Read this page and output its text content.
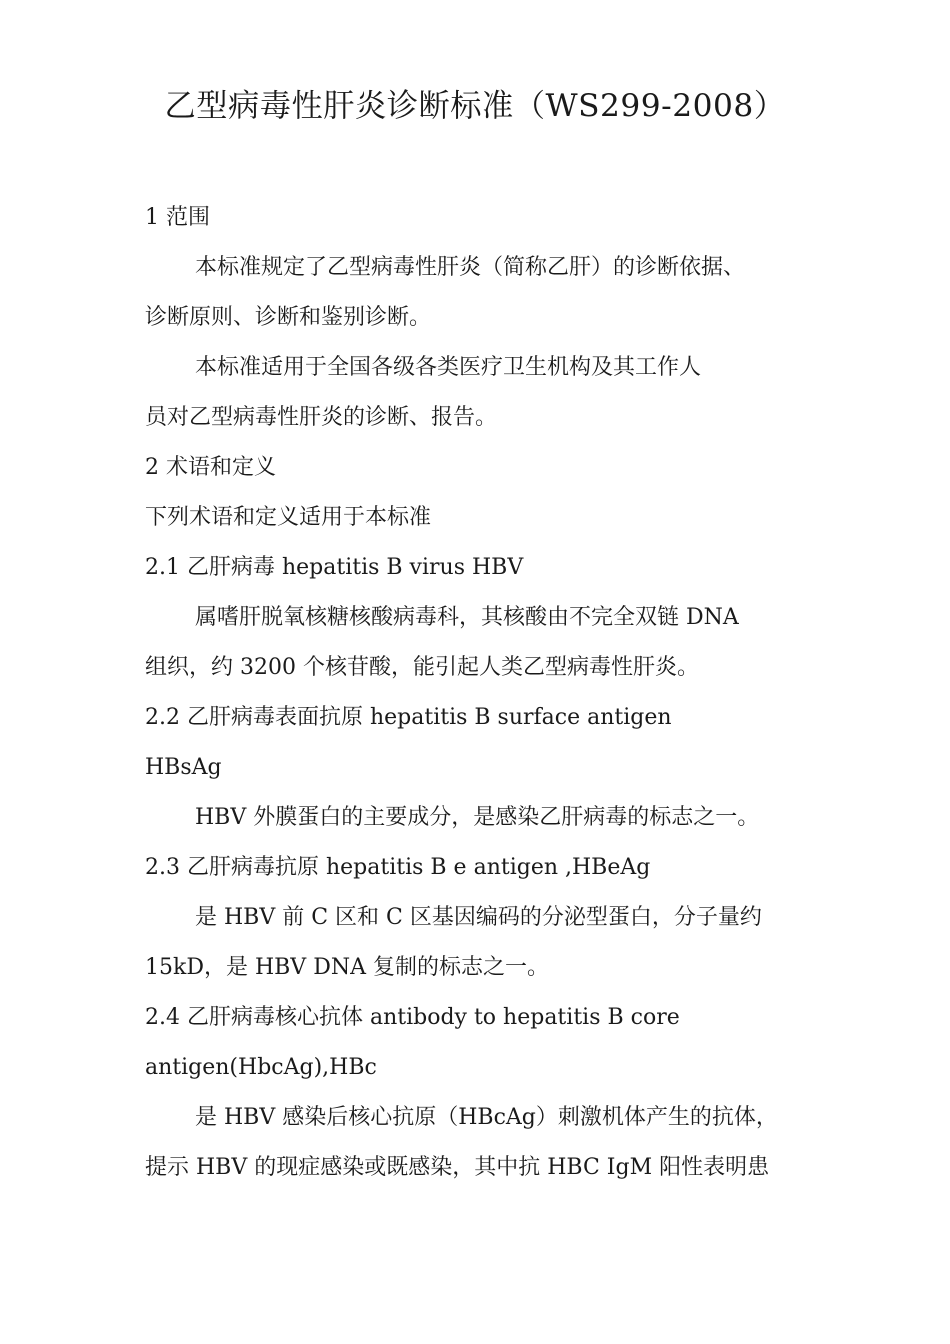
乙型病毒性肝炎诊断标准（WS299-2008）
1 范围
本标准规定了乙型病毒性肝炎（简称乙肝）的诊断依据、
诊断原则、诊断和鉴别诊断。
本标准适用于全国各级各类医疗卫生机构及其工作人
员对乙型病毒性肝炎的诊断、报告。
2 术语和定义
下列术语和定义适用于本标准
2.1 乙肝病毒 hepatitis B virus HBV
属嗜肝脱氧核糖核酸病毒科，其核酸由不完全双链 DNA
组织，约 3200 个核苷酸，能引起人类乙型病毒性肝炎。
2.2 乙肝病毒表面抗原 hepatitis B surface antigen
HBsAg
HBV 外膜蛋白的主要成分，是感染乙肝病毒的标志之一。
2.3 乙肝病毒抗原 hepatitis B e antigen ,HBeAg
是 HBV 前 C 区和 C 区基因编码的分泌型蛋白，分子量约
15kD，是 HBV DNA 复制的标志之一。
2.4 乙肝病毒核心抗体 antibody to hepatitis B core
antigen(HbcAg),HBc
是 HBV 感染后核心抗原（HBcAg）刺激机体产生的抗体，
提示 HBV 的现症感染或既感染，其中抗 HBC IgM 阳性表明患
